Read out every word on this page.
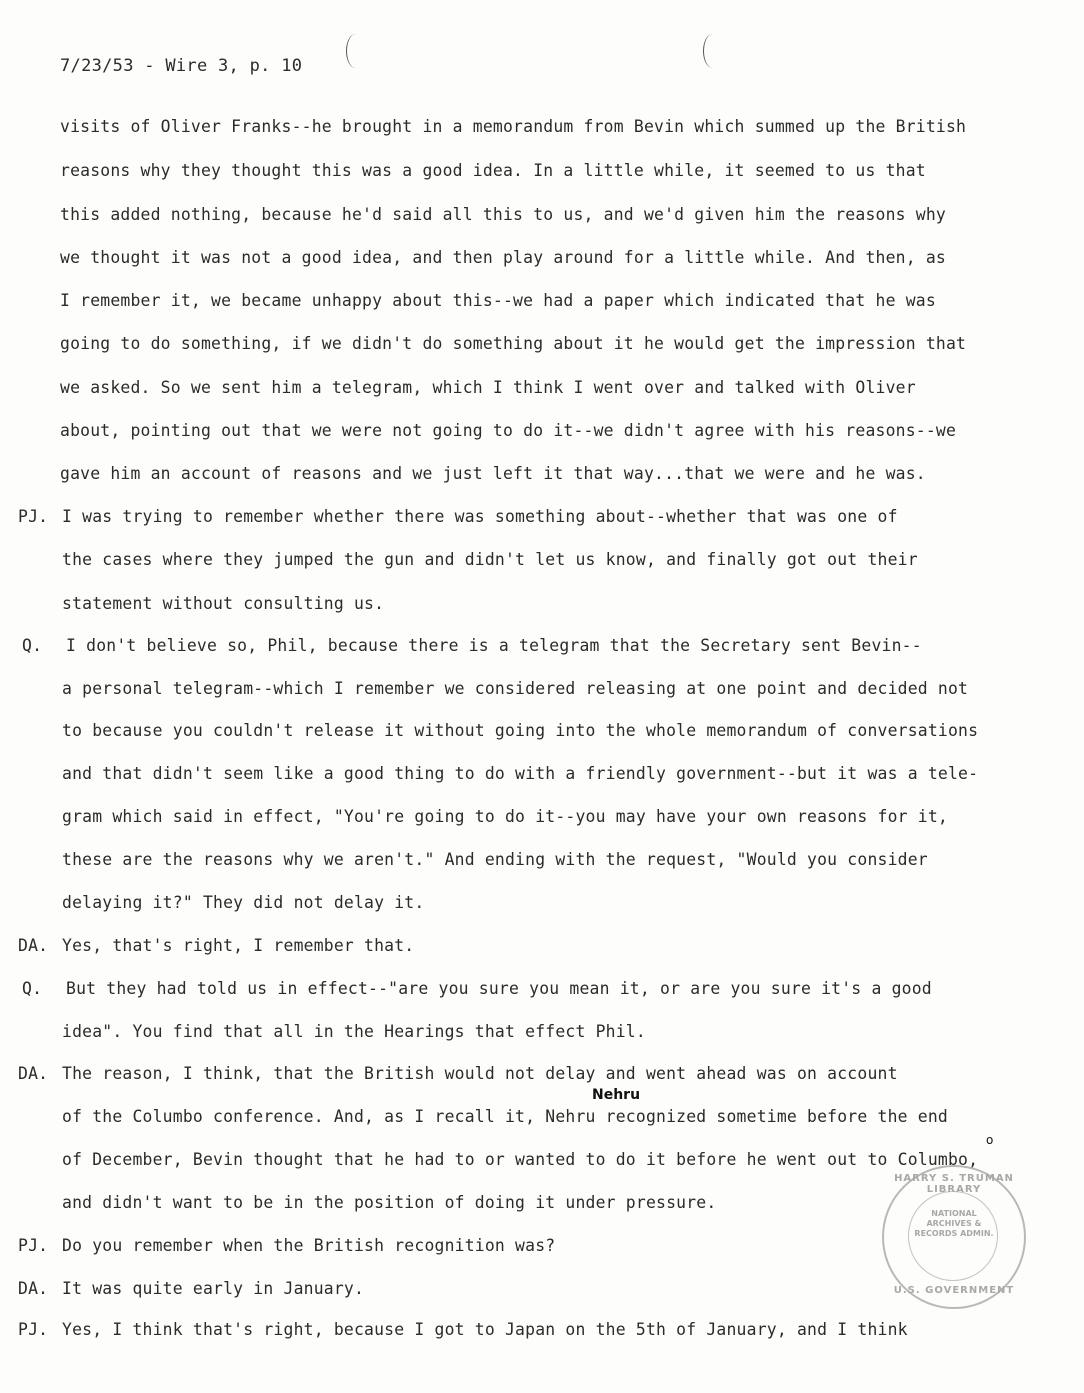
7/23/53 - Wire 3, p. 10
visits of Oliver Franks--he brought in a memorandum from Bevin which summed up the British
reasons why they thought this was a good idea. In a little while, it seemed to us that
this added nothing, because he'd said all this to us, and we'd given him the reasons why
we thought it was not a good idea, and then play around for a little while. And then, as
I remember it, we became unhappy about this--we had a paper which indicated that he was
going to do something, if we didn't do something about it he would get the impression that
we asked. So we sent him a telegram, which I think I went over and talked with Oliver
about, pointing out that we were not going to do it--we didn't agree with his reasons--we
gave him an account of reasons and we just left it that way...that we were and he was.
PJ. I was trying to remember whether there was something about--whether that was one of
the cases where they jumped the gun and didn't let us know, and finally got out their
statement without consulting us.
Q. I don't believe so, Phil, because there is a telegram that the Secretary sent Bevin--
a personal telegram--which I remember we considered releasing at one point and decided not
to because you couldn't release it without going into the whole memorandum of conversations
and that didn't seem like a good thing to do with a friendly government--but it was a tele-
gram which said in effect, "You're going to do it--you may have your own reasons for it,
these are the reasons why we aren't." And ending with the request, "Would you consider
delaying it?" They did not delay it.
DA. Yes, that's right, I remember that.
Q. But they had told us in effect--"are you sure you mean it, or are you sure it's a good
idea". You find that all in the Hearings that effect Phil.
DA. The reason, I think, that the British would not delay and went ahead was on account
of the Columbo conference. And, as I recall it, Nehru recognized sometime before the end
of December, Bevin thought that he had to or wanted to do it before he went out to Columbo,
and didn't want to be in the position of doing it under pressure.
PJ. Do you remember when the British recognition was?
DA. It was quite early in January.
PJ. Yes, I think that's right, because I got to Japan on the 5th of January, and I think
Nehru
o
HARRY S. TRUMAN LIBRARY
NATIONAL ARCHIVES & RECORDS ADMIN.
U.S. GOVERNMENT
